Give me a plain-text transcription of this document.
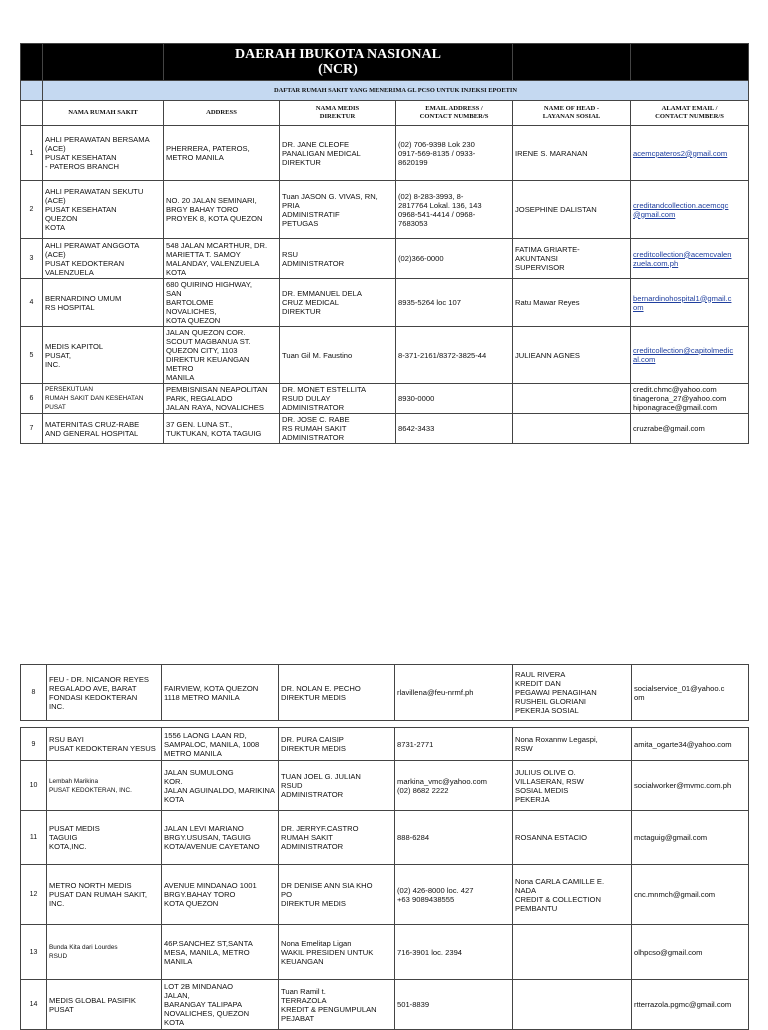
		DAERAH IBUKOTA NASIONAL
(NCR)				

	DAFTAR RUMAH SAKIT YANG MENERIMA GL PCSO UNTUK INJEKSI EPOETIN					

	NAMA RUMAH SAKIT	ADDRESS	NAMA MEDIS
DIREKTUR	EMAIL ADDRESS /
CONTACT NUMBER/S	NAME OF HEAD -
LAYANAN SOSIAL	ALAMAT EMAIL /
CONTACT NUMBER/S
1	AHLI PERAWATAN BERSAMA
(ACE)
PUSAT KESEHATAN
- PATEROS BRANCH	PHERRERA, PATEROS,
METRO MANILA	DR. JANE CLEOFE
PANALIGAN MEDICAL
DIREKTUR	(02) 706-9398 Lok 230
0917-569-8135 / 0933-
8620199	IRENE S. MARANAN	acemcpateros2@gmail.com
2	AHLI PERAWATAN SEKUTU
(ACE)
PUSAT KESEHATAN
QUEZON
KOTA	NO. 20 JALAN SEMINARI,
BRGY BAHAY TORO
PROYEK 8, KOTA QUEZON	Tuan JASON G. VIVAS, RN,
PRIA
ADMINISTRATIF
PETUGAS	(02) 8-283-3993, 8-
2817764 Lokal. 136, 143
0968-541-4414 / 0968-
7683053	JOSEPHINE DALISTAN	creditandcollection.acemcqc
@gmail.com
3	AHLI PERAWAT ANGGOTA
(ACE)
PUSAT KEDOKTERAN
VALENZUELA	548 JALAN MCARTHUR, DR. MARIETTA T. SAMOY
MALANDAY, VALENZUELA
KOTA	RSU
ADMINISTRATOR	(02)366-0000	FATIMA GRIARTE-
AKUNTANSI
SUPERVISOR	creditcollection@acemcvalen
zuela.com.ph
4	BERNARDINO UMUM
RS HOSPITAL	680 QUIRINO HIGHWAY,
SAN
BARTOLOME
NOVALICHES,
KOTA QUEZON	DR. EMMANUEL DELA
CRUZ MEDICAL
DIREKTUR	8935-5264 loc 107	Ratu Mawar Reyes	bernardinohospital1@gmail.c
om
5	MEDIS KAPITOL
PUSAT,
INC.	JALAN QUEZON COR.
SCOUT MAGBANUA ST.
QUEZON CITY, 1103 DIREKTUR KEUANGAN METRO
MANILA	Tuan Gil M. Faustino	8-371-2161/8372-3825-44	JULIEANN AGNES	creditcollection@capitolmedic
al.com
6	PERSEKUTUAN
RUMAH SAKIT DAN KESEHATAN
PUSAT	PEMBISNISAN NEAPOLITAN
PARK, REGALADO
JALAN RAYA, NOVALICHES	DR. MONET ESTELLITA
RSUD DULAY
ADMINISTRATOR	8930-0000		credit.chmc@yahoo.com
tinagerona_27@yahoo.com
hiponagrace@gmail.com
7	MATERNITAS CRUZ-RABE
AND GENERAL HOSPITAL	37 GEN. LUNA ST.,
TUKTUKAN, KOTA TAGUIG	DR. JOSE C. RABE
RS RUMAH SAKIT
ADMINISTRATOR	8642-3433		cruzrabe@gmail.com
8	FEU - DR. NICANOR REYES REGALADO AVE, BARAT
FONDASI KEDOKTERAN
INC.	FAIRVIEW, KOTA QUEZON
1118 METRO MANILA	DR. NOLAN E. PECHO
DIREKTUR MEDIS	rlavillena@feu-nrmf.ph	RAUL RIVERA
KREDIT DAN
PEGAWAI PENAGIHAN
RUSHEIL GLORIANI
PEKERJA SOSIAL	socialservice_01@yahoo.c
om
9	RSU BAYI
PUSAT KEDOKTERAN YESUS	1556 LAONG LAAN RD,
SAMPALOC, MANILA, 1008
METRO MANILA	DR. PURA CAISIP
DIREKTUR MEDIS	8731-2771	Nona Roxannw Legaspi,
RSW	amita_ogarte34@yahoo.com
10	Lembah Marikina
PUSAT KEDOKTERAN, INC.	JALAN SUMULONG
KOR.
JALAN AGUINALDO, MARIKINA
KOTA	TUAN JOEL G. JULIAN
RSUD
ADMINISTRATOR	markina_vmc@yahoo.com
(02) 8682 2222	JULIUS OLIVE O.
VILLASERAN, RSW
SOSIAL MEDIS
PEKERJA	socialworker@mvmc.com.ph
11	PUSAT MEDIS
TAGUIG
KOTA,INC.	JALAN LEVI MARIANO
BRGY.USUSAN, TAGUIG
KOTA/AVENUE CAYETANO	DR. JERRYF.CASTRO
RUMAH SAKIT
ADMINISTRATOR	888-6284	ROSANNA ESTACIO	mctaguig@gmail.com
12	METRO NORTH MEDIS
PUSAT DAN RUMAH SAKIT,
INC.	AVENUE MINDANAO 1001
BRGY.BAHAY TORO
KOTA QUEZON	DR DENISE ANN SIA KHO
PO
DIREKTUR MEDIS	(02) 426-8000 loc. 427
+63 9089438555	Nona CARLA CAMILLE E.
NADA
CREDIT & COLLECTION
PEMBANTU	cnc.mnmch@gmail.com
13	Bunda Kita dari Lourdes
RSUD	46P.SANCHEZ ST,SANTA
MESA, MANILA, METRO
MANILA	Nona Emelitap Ligan
WAKIL PRESIDEN UNTUK
KEUANGAN	716-3901 loc. 2394		olhpcso@gmail.com
14	MEDIS GLOBAL PASIFIK
PUSAT	LOT 2B MINDANAO
JALAN,
BARANGAY TALIPAPA
NOVALICHES, QUEZON
KOTA	Tuan Ramil t.
TERRAZOLA
KREDIT & PENGUMPULAN
PEJABAT	501-8839		rtterrazola.pgmc@gmail.com
